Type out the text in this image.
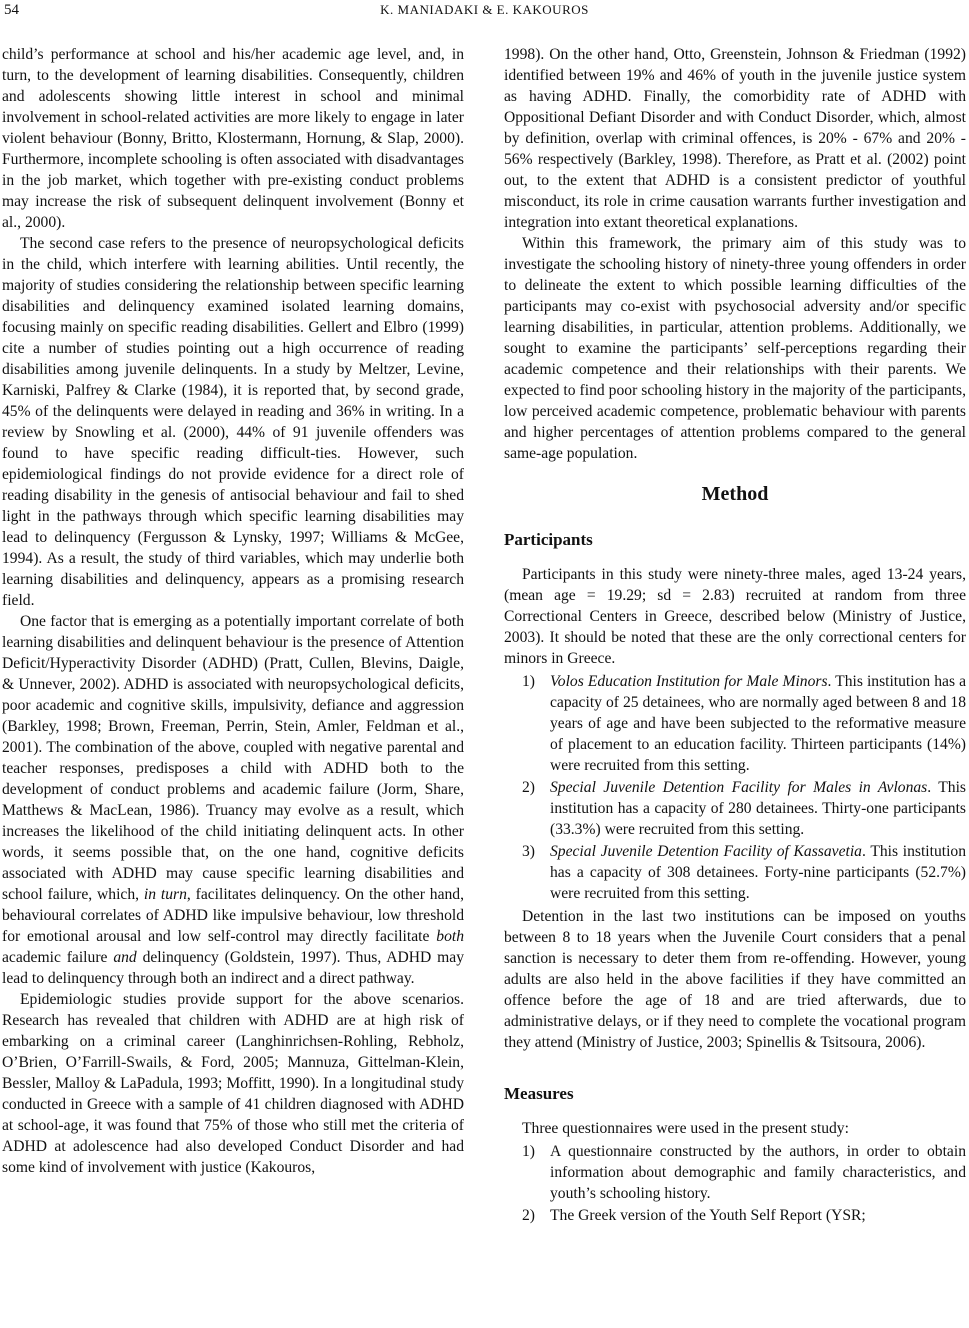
54	K. MANIADAKI & E. KAKOUROS

child’s performance at school and his/her academic age level, and, in turn, to the development of learning disabilities. Consequently, children and adolescents showing little interest in school and minimal involvement in school-related activities are more likely to engage in later violent behaviour (Bonny, Britto, Klostermann, Hornung, & Slap, 2000). Furthermore, incomplete schooling is often associated with disadvantages in the job market, which together with pre-existing conduct problems may increase the risk of subsequent delinquent involvement (Bonny et al., 2000).

The second case refers to the presence of neuropsychological deficits in the child, which interfere with learning abilities. Until recently, the majority of studies considering the relationship between specific learning disabilities and delinquency examined isolated learning domains, focusing mainly on specific reading disabilities. Gellert and Elbro (1999) cite a number of studies pointing out a high occurrence of reading disabilities among juvenile delinquents. In a study by Meltzer, Levine, Karniski, Palfrey & Clarke (1984), it is reported that, by second grade, 45% of the delinquents were delayed in reading and 36% in writing. In a review by Snowling et al. (2000), 44% of 91 juvenile offenders was found to have specific reading difficult-ties. However, such epidemiological findings do not provide evidence for a direct role of reading disability in the genesis of antisocial behaviour and fail to shed light in the pathways through which specific learning disabilities may lead to delinquency (Fergusson & Lynsky, 1997; Williams & McGee, 1994). As a result, the study of third variables, which may underlie both learning disabilities and delinquency, appears as a promising research field.

One factor that is emerging as a potentially important correlate of both learning disabilities and delinquent behaviour is the presence of Attention Deficit/Hyperactivity Disorder (ADHD) (Pratt, Cullen, Blevins, Daigle, & Unnever, 2002). ADHD is associated with neuropsychological deficits, poor academic and cognitive skills, impulsivity, defiance and aggression (Barkley, 1998; Brown, Freeman, Perrin, Stein, Amler, Feldman et al., 2001). The combination of the above, coupled with negative parental and teacher responses, predisposes a child with ADHD both to the development of conduct problems and academic failure (Jorm, Share, Matthews & MacLean, 1986). Truancy may evolve as a result, which increases the likelihood of the child initiating delinquent acts. In other words, it seems possible that, on the one hand, cognitive deficits associated with ADHD may cause specific learning disabilities and school failure, which, in turn, facilitates delinquency. On the other hand, behavioural correlates of ADHD like impulsive behaviour, low threshold for emotional arousal and low self-control may directly facilitate both academic failure and delinquency (Goldstein, 1997). Thus, ADHD may lead to delinquency through both an indirect and a direct pathway.

Epidemiologic studies provide support for the above scenarios. Research has revealed that children with ADHD are at high risk of embarking on a criminal career (Langhinrichsen-Rohling, Rebholz, O’Brien, O’Farrill-Swails, & Ford, 2005; Mannuza, Gittelman-Klein, Bessler, Malloy & LaPadula, 1993; Moffitt, 1990). In a longitudinal study conducted in Greece with a sample of 41 children diagnosed with ADHD at school-age, it was found that 75% of those who still met the criteria of ADHD at adolescence had also developed Conduct Disorder and had some kind of involvement with justice (Kakouros,

1998). On the other hand, Otto, Greenstein, Johnson & Friedman (1992) identified between 19% and 46% of youth in the juvenile justice system as having ADHD. Finally, the comorbidity rate of ADHD with Oppositional Defiant Disorder and with Conduct Disorder, which, almost by definition, overlap with criminal offences, is 20% - 67% and 20% - 56% respectively (Barkley, 1998). Therefore, as Pratt et al. (2002) point out, to the extent that ADHD is a consistent predictor of youthful misconduct, its role in crime causation warrants further investigation and integration into extant theoretical explanations.

Within this framework, the primary aim of this study was to investigate the schooling history of ninety-three young offenders in order to delineate the extent to which possible learning difficulties of the participants may co-exist with psychosocial adversity and/or specific learning disabilities, in particular, attention problems. Additionally, we sought to examine the participants’ self-perceptions regarding their academic competence and their relationships with their parents. We expected to find poor schooling history in the majority of the participants, low perceived academic competence, problematic behaviour with parents and higher percentages of attention problems compared to the general same-age population.

Method
Participants

Participants in this study were ninety-three males, aged 13-24 years, (mean age = 19.29; sd = 2.83) recruited at random from three Correctional Centers in Greece, described below (Ministry of Justice, 2003). It should be noted that these are the only correctional centers for minors in Greece.

1) Volos Education Institution for Male Minors. This institution has a capacity of 25 detainees, who are normally aged between 8 and 18 years of age and have been subjected to the reformative measure of placement to an education facility. Thirteen participants (14%) were recruited from this setting.
2) Special Juvenile Detention Facility for Males in Avlonas. This institution has a capacity of 280 detainees. Thirty-one participants (33.3%) were recruited from this setting.
3) Special Juvenile Detention Facility of Kassavetia. This institution has a capacity of 308 detainees. Forty-nine participants (52.7%) were recruited from this setting.

Detention in the last two institutions can be imposed on youths between 8 to 18 years when the Juvenile Court considers that a penal sanction is necessary to deter them from re-offending. However, young adults are also held in the above facilities if they have committed an offence before the age of 18 and are tried afterwards, due to administrative delays, or if they need to complete the vocational program they attend (Ministry of Justice, 2003; Spinellis & Tsitsoura, 2006).

Measures

Three questionnaires were used in the present study:

1) A questionnaire constructed by the authors, in order to obtain information about demographic and family characteristics, and youth’s schooling history.
2) The Greek version of the Youth Self Report (YSR;
